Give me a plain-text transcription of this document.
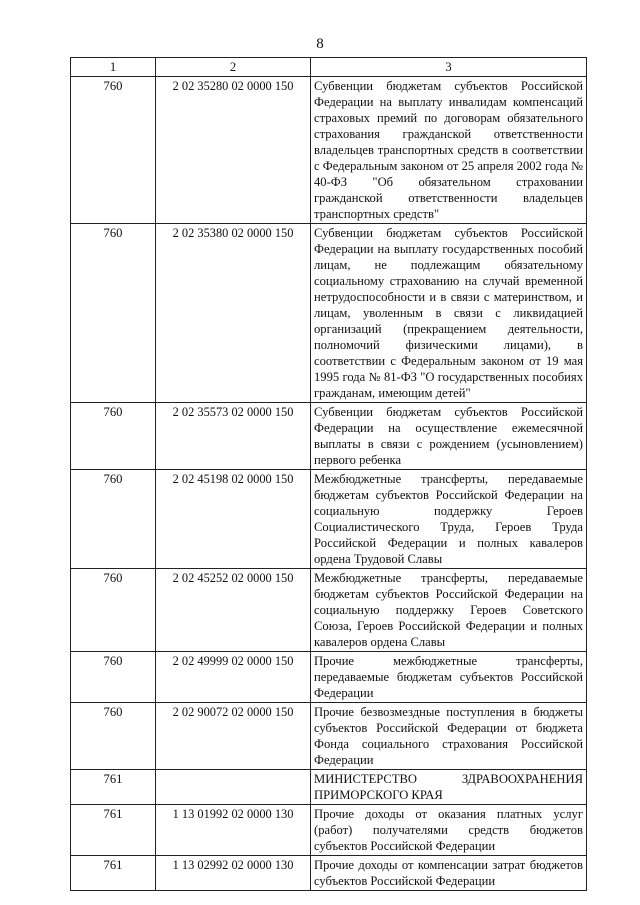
8
1	2	3
760	2 02 35280 02 0000 150	Субвенции бюджетам субъектов Российской Федерации на выплату инвалидам компенсаций страховых премий по договорам обязательного страхования гражданской ответственности владельцев транспортных средств в соответствии с Федеральным законом от 25 апреля 2002 года № 40-ФЗ "Об обязательном страховании гражданской ответственности владельцев транспортных средств"
760	2 02 35380 02 0000 150	Субвенции бюджетам субъектов Российской Федерации на выплату государственных пособий лицам, не подлежащим обязательному социальному страхованию на случай временной нетрудоспособности и в связи с материнством, и лицам, уволенным в связи с ликвидацией организаций (прекращением деятельности, полномочий физическими лицами), в соответствии с Федеральным законом от 19 мая 1995 года № 81-ФЗ "О государственных пособиях гражданам, имеющим детей"
760	2 02 35573 02 0000 150	Субвенции бюджетам субъектов Российской Федерации на осуществление ежемесячной выплаты в связи с рождением (усыновлением) первого ребенка
760	2 02 45198 02 0000 150	Межбюджетные трансферты, передаваемые бюджетам субъектов Российской Федерации на социальную поддержку Героев Социалистического Труда, Героев Труда Российской Федерации и полных кавалеров ордена Трудовой Славы
760	2 02 45252 02 0000 150	Межбюджетные трансферты, передаваемые бюджетам субъектов Российской Федерации на социальную поддержку Героев Советского Союза, Героев Российской Федерации и полных кавалеров ордена Славы
760	2 02 49999 02 0000 150	Прочие межбюджетные трансферты, передаваемые бюджетам субъектов Российской Федерации
760	2 02 90072 02 0000 150	Прочие безвозмездные поступления в бюджеты субъектов Российской Федерации от бюджета Фонда социального страхования Российской Федерации
761		МИНИСТЕРСТВО ЗДРАВООХРАНЕНИЯ ПРИМОРСКОГО КРАЯ
761	1 13 01992 02 0000 130	Прочие доходы от оказания платных услуг (работ) получателями средств бюджетов субъектов Российской Федерации
761	1 13 02992 02 0000 130	Прочие доходы от компенсации затрат бюджетов субъектов Российской Федерации
